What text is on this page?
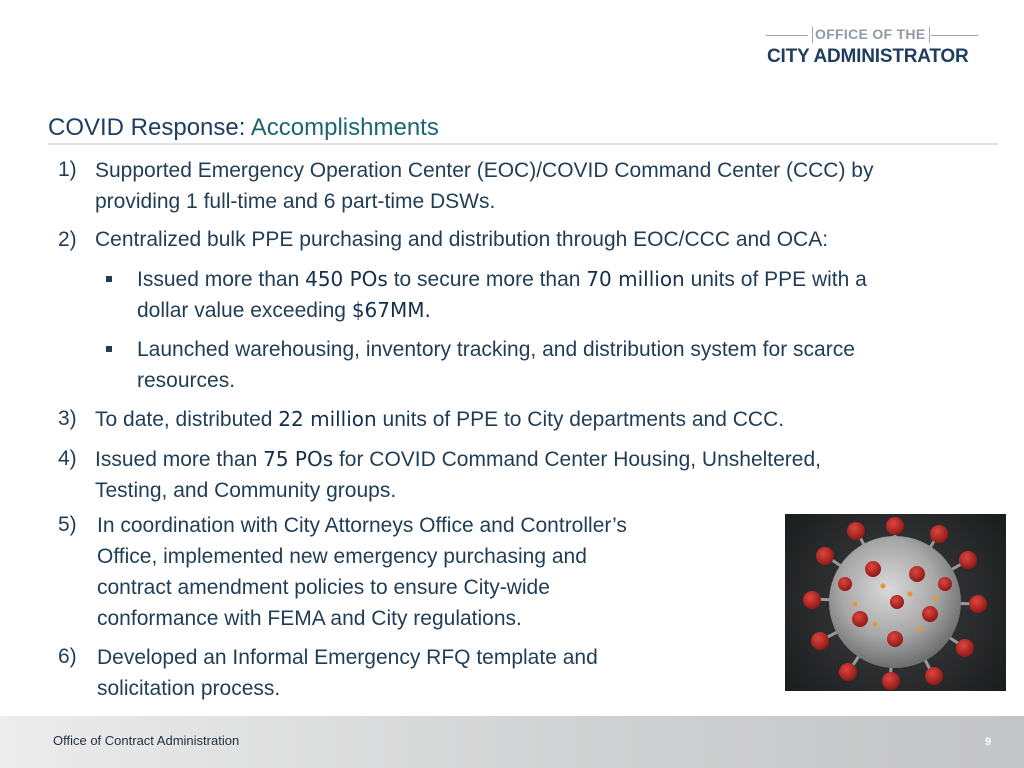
OFFICE OF THE
CITY ADMINISTRATOR
COVID Response: Accomplishments
1) Supported Emergency Operation Center (EOC)/COVID Command Center (CCC) by
providing 1 full-time and 6 part-time DSWs.
2) Centralized bulk PPE purchasing and distribution through EOC/CCC and OCA:
Issued more than 450 POs to secure more than 70 million units of PPE with a
dollar value exceeding $67MM.
Launched warehousing, inventory tracking, and distribution system for scarce
resources.
3) To date, distributed 22 million units of PPE to City departments and CCC.
4) Issued more than 75 POs for COVID Command Center Housing, Unsheltered,
Testing, and Community groups.
5) In coordination with City Attorneys Office and Controller’s
Office, implemented new emergency purchasing and
contract amendment policies to ensure City-wide
conformance with FEMA and City regulations.
6) Developed an Informal Emergency RFQ template and
solicitation process.
Office of Contract Administration	9
